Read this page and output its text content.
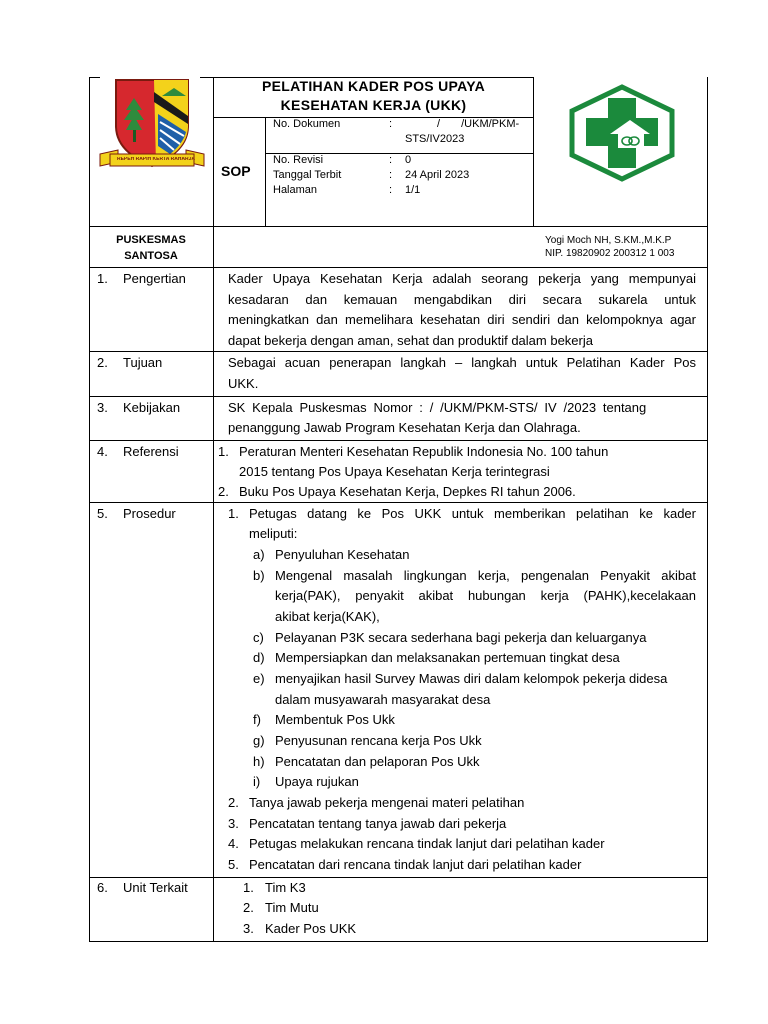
REPEH RAPIH KERTA RAHARJA
PELATIHAN KADER POS UPAYA
KESEHATAN KERJA (UKK)
SOP
No. Dokumen	:	/ /UKM/PKM-
STS/IV2023
No. Revisi	: 0
Tanggal Terbit	: 24 April 2023
Halaman	: 1/1
PUSKESMAS
SANTOSA
Yogi Moch NH, S.KM.,M.K.P
NIP. 19820902 200312 1 003
1. Pengertian	Kader Upaya Kesehatan Kerja adalah seorang pekerja yang mempunyai
kesadaran dan kemauan mengabdikan diri secara sukarela untuk
meningkatkan dan memelihara kesehatan diri sendiri dan kelompoknya agar
dapat bekerja dengan aman, sehat dan produktif dalam bekerja
2. Tujuan	Sebagai acuan penerapan langkah – langkah untuk Pelatihan Kader Pos
UKK.
3. Kebijakan	SK Kepala Puskesmas Nomor : / /UKM/PKM-STS/ IV /2023 tentang
penanggung Jawab Program Kesehatan Kerja dan Olahraga.
4. Referensi	1. Peraturan Menteri Kesehatan Republik Indonesia No. 100 tahun
2015 tentang Pos Upaya Kesehatan Kerja terintegrasi
2. Buku Pos Upaya Kesehatan Kerja, Depkes RI tahun 2006.
5. Prosedur	1. Petugas datang ke Pos UKK untuk memberikan pelatihan ke kader
meliputi:
a) Penyuluhan Kesehatan
b) Mengenal masalah lingkungan kerja, pengenalan Penyakit akibat
kerja(PAK), penyakit akibat hubungan kerja (PAHK),kecelakaan
akibat kerja(KAK),
c) Pelayanan P3K secara sederhana bagi pekerja dan keluarganya
d) Mempersiapkan dan melaksanakan pertemuan tingkat desa
e) menyajikan hasil Survey Mawas diri dalam kelompok pekerja didesa
dalam musyawarah masyarakat desa
f) Membentuk Pos Ukk
g) Penyusunan rencana kerja Pos Ukk
h) Pencatatan dan pelaporan Pos Ukk
i) Upaya rujukan
2. Tanya jawab pekerja mengenai materi pelatihan
3. Pencatatan tentang tanya jawab dari pekerja
4. Petugas melakukan rencana tindak lanjut dari pelatihan kader
5. Pencatatan dari rencana tindak lanjut dari pelatihan kader
6. Unit Terkait	1. Tim K3
2. Tim Mutu
3. Kader Pos UKK
